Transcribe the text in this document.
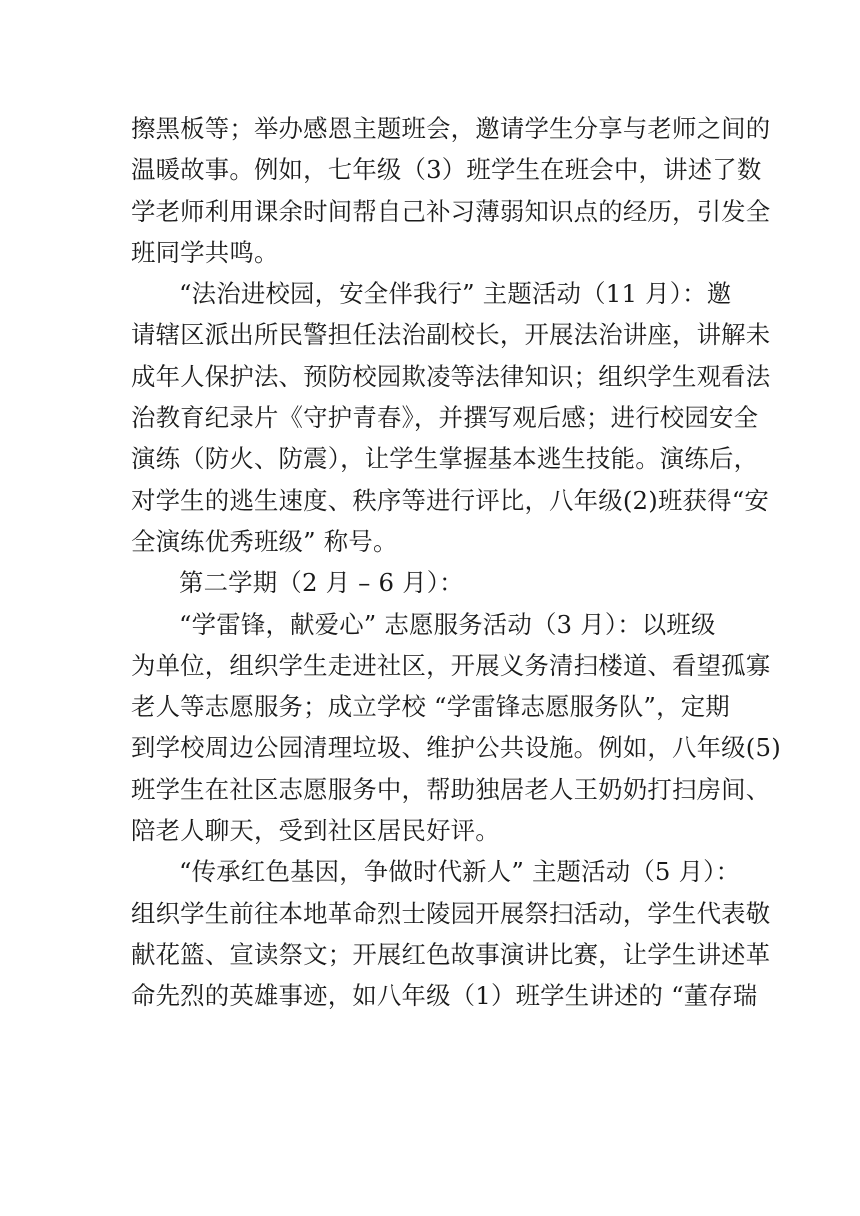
擦黑板等；举办感恩主题班会，邀请学生分享与老师之间的
温暖故事。例如，七年级（3）班学生在班会中，讲述了数
学老师利用课余时间帮自己补习薄弱知识点的经历，引发全
班同学共鸣。
“法治进校园，安全伴我行” 主题活动（11 月）：邀
请辖区派出所民警担任法治副校长，开展法治讲座，讲解未
成年人保护法、预防校园欺凌等法律知识；组织学生观看法
治教育纪录片《守护青春》，并撰写观后感；进行校园安全
演练（防火、防震），让学生掌握基本逃生技能。演练后，
对学生的逃生速度、秩序等进行评比，八年级(2)班获得“安
全演练优秀班级” 称号。
第二学期（2 月 – 6 月）：
“学雷锋，献爱心” 志愿服务活动（3 月）：以班级
为单位，组织学生走进社区，开展义务清扫楼道、看望孤寡
老人等志愿服务；成立学校 “学雷锋志愿服务队”，定期
到学校周边公园清理垃圾、维护公共设施。例如，八年级(5)
班学生在社区志愿服务中，帮助独居老人王奶奶打扫房间、
陪老人聊天，受到社区居民好评。
“传承红色基因，争做时代新人” 主题活动（5 月）：
组织学生前往本地革命烈士陵园开展祭扫活动，学生代表敬
献花篮、宣读祭文；开展红色故事演讲比赛，让学生讲述革
命先烈的英雄事迹，如八年级（1）班学生讲述的 “董存瑞
